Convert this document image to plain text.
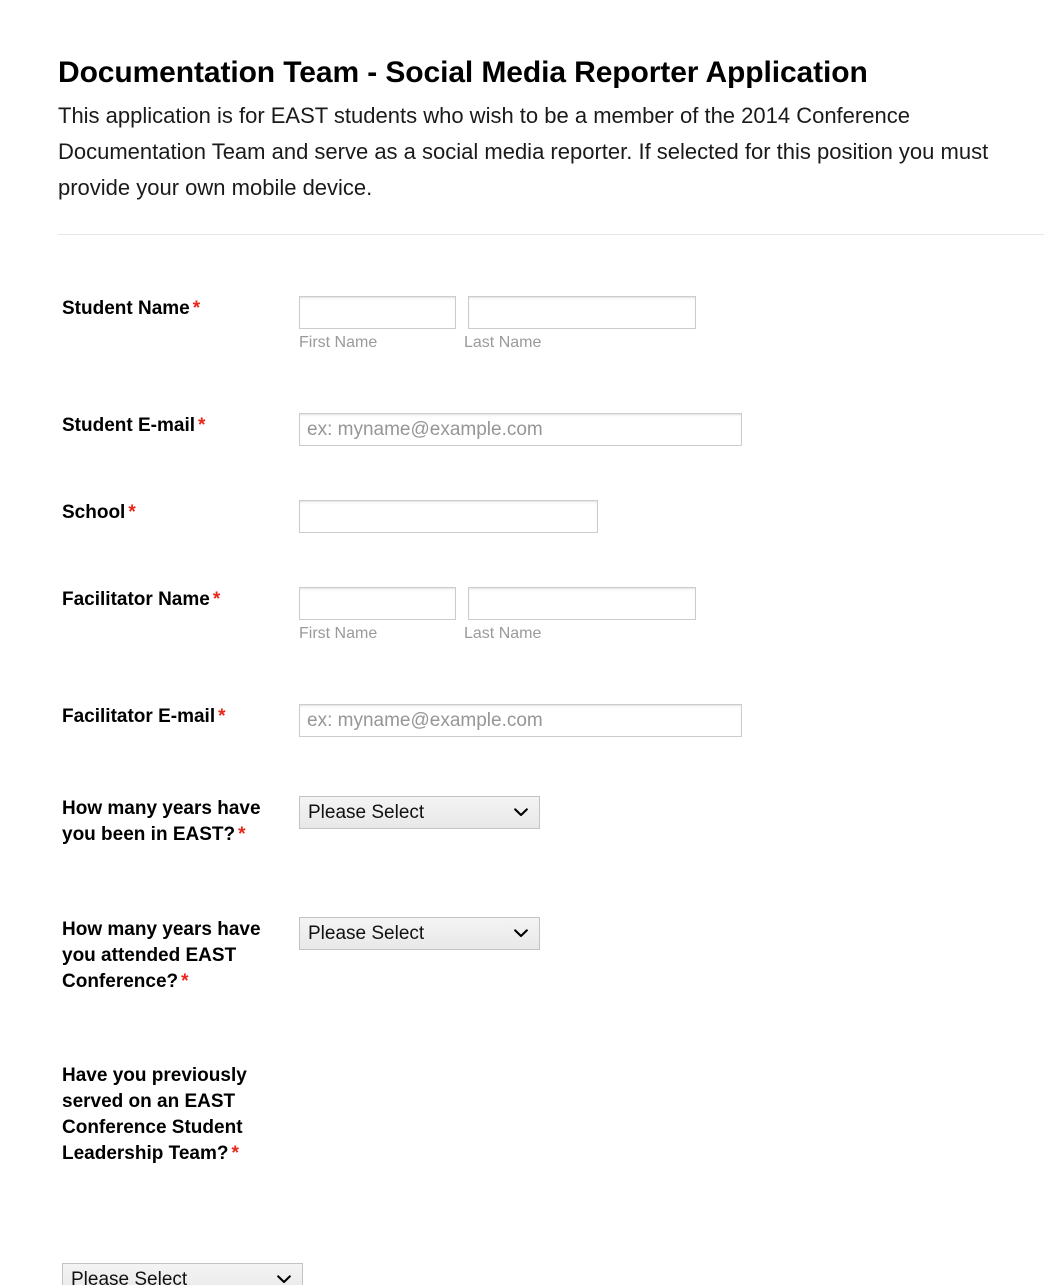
Documentation Team - Social Media Reporter Application

This application is for EAST students who wish to be a member of the 2014 Conference Documentation Team and serve as a social media reporter. If selected for this position you must provide your own mobile device.

Student Name *

First Name	Last Name
Student E-mail *
ex: myname@example.com
School *
Facilitator Name *

First Name	Last Name
Facilitator E-mail *
ex: myname@example.com
How many years have you been in EAST? *
Please Select
How many years have you attended EAST Conference? *
Please Select
Have you previously served on an EAST Conference Student Leadership Team? *
Please Select
